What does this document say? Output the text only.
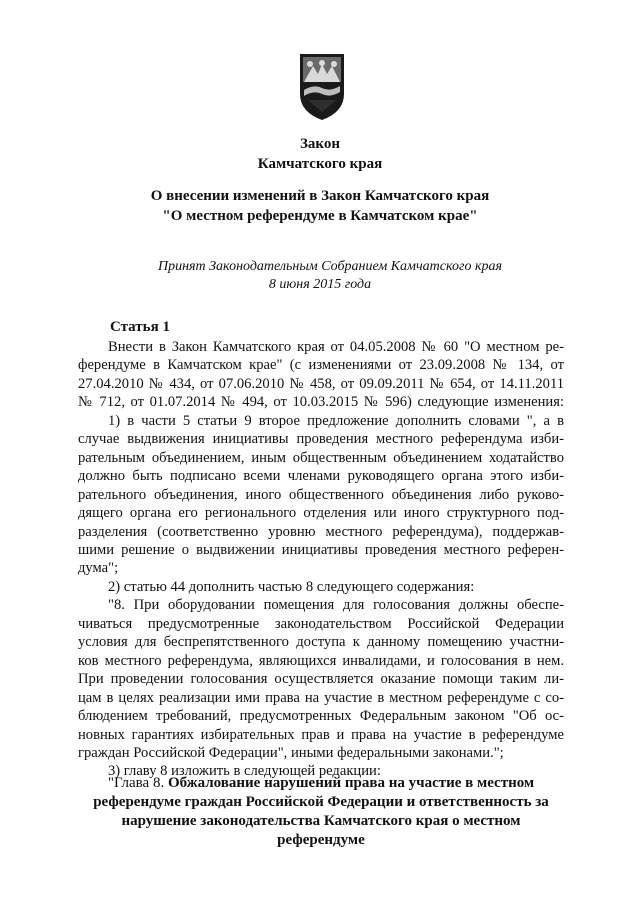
Закон
Камчатского края
О внесении изменений в Закон Камчатского края
"О местном референдуме в Камчатском крае"
Принят Законодательным Собранием Камчатского края
8 июня 2015 года
Статья 1
Внести в Закон Камчатского края от 04.05.2008 № 60 "О местном ре-
ферендуме в Камчатском крае" (с изменениями от 23.09.2008 № 134, от
27.04.2010 № 434, от 07.06.2010 № 458, от 09.09.2011 № 654, от 14.11.2011
№ 712, от 01.07.2014 № 494, от 10.03.2015 № 596) следующие изменения:
1) в части 5 статьи 9 второе предложение дополнить словами ", а в
случае выдвижения инициативы проведения местного референдума изби-
рательным объединением, иным общественным объединением ходатайство
должно быть подписано всеми членами руководящего органа этого изби-
рательного объединения, иного общественного объединения либо руково-
дящего органа его регионального отделения или иного структурного под-
разделения (соответственно уровню местного референдума), поддержав-
шими решение о выдвижении инициативы проведения местного референ-
дума";
2) статью 44 дополнить частью 8 следующего содержания:
"8. При оборудовании помещения для голосования должны обеспе-
чиваться предусмотренные законодательством Российской Федерации
условия для беспрепятственного доступа к данному помещению участни-
ков местного референдума, являющихся инвалидами, и голосования в нем.
При проведении голосования осуществляется оказание помощи таким ли-
цам в целях реализации ими права на участие в местном референдуме с со-
блюдением требований, предусмотренных Федеральным законом "Об ос-
новных гарантиях избирательных прав и права на участие в референдуме
граждан Российской Федерации", иными федеральными законами.";
3) главу 8 изложить в следующей редакции:
"Глава 8. Обжалование нарушений права на участие в местном
референдуме граждан Российской Федерации и ответственность за
нарушение законодательства Камчатского края о местном
референдуме
